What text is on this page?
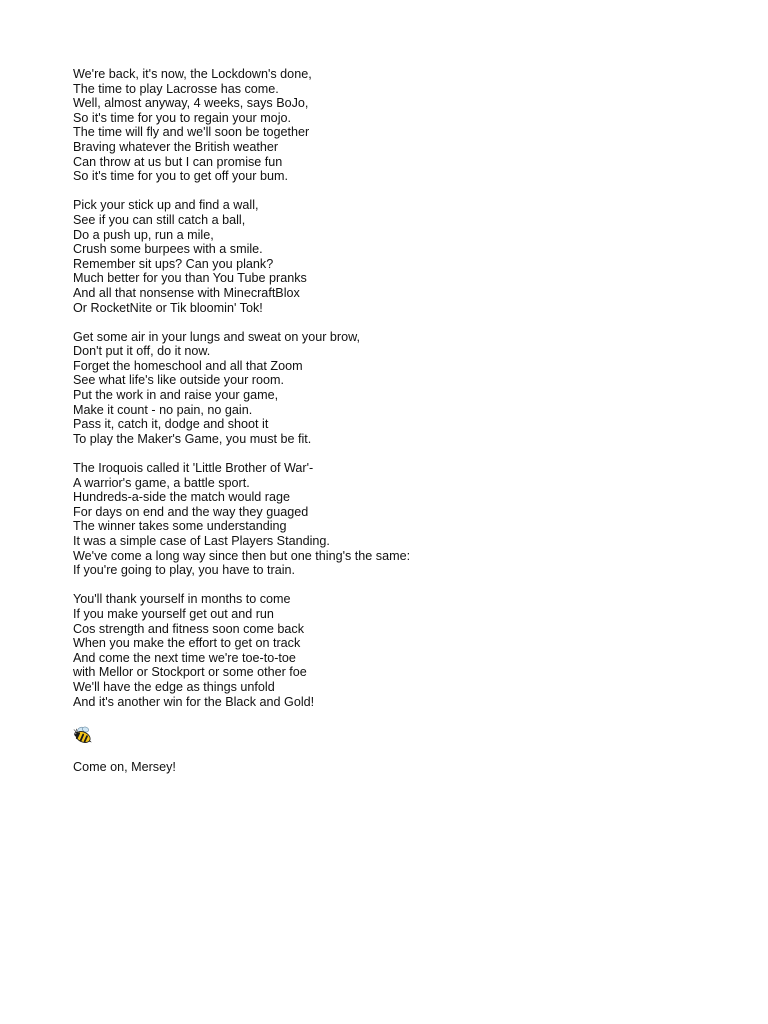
We're back, it's now, the Lockdown's done,
The time to play Lacrosse has come.
Well, almost anyway, 4 weeks, says BoJo,
So it's time for you to regain your mojo.
The time will fly and we'll soon be together
Braving whatever the British weather
Can throw at us but I can promise fun
So it's time for you to get off your bum.
Pick your stick up and find a wall,
See if you can still catch a ball,
Do a push up, run a mile,
Crush some burpees with a smile.
Remember sit ups? Can you plank?
Much better for you than You Tube pranks
And all that nonsense with MinecraftBlox
Or RocketNite or Tik bloomin' Tok!
Get some air in your lungs and sweat on your brow,
Don't put it off, do it now.
Forget the homeschool and all that Zoom
See what life's like outside your room.
Put the work in and raise your game,
Make it count - no pain, no gain.
Pass it, catch it, dodge and shoot it
To play the Maker's Game, you must be fit.
The Iroquois called it 'Little Brother of War'-
A warrior's game, a battle sport.
Hundreds-a-side the match would rage
For days on end and the way they guaged
The winner takes some understanding
It was a simple case of Last Players Standing.
We've come a long way since then but one thing's the same:
If you're going to play, you have to train.
You'll thank yourself in months to come
If you make yourself get out and run
Cos strength and fitness soon come back
When you make the effort to get on track
And come the next time we're toe-to-toe
with Mellor or Stockport or some other foe
We'll have the edge as things unfold
And it's another win for the Black and Gold!
Come on, Mersey!
